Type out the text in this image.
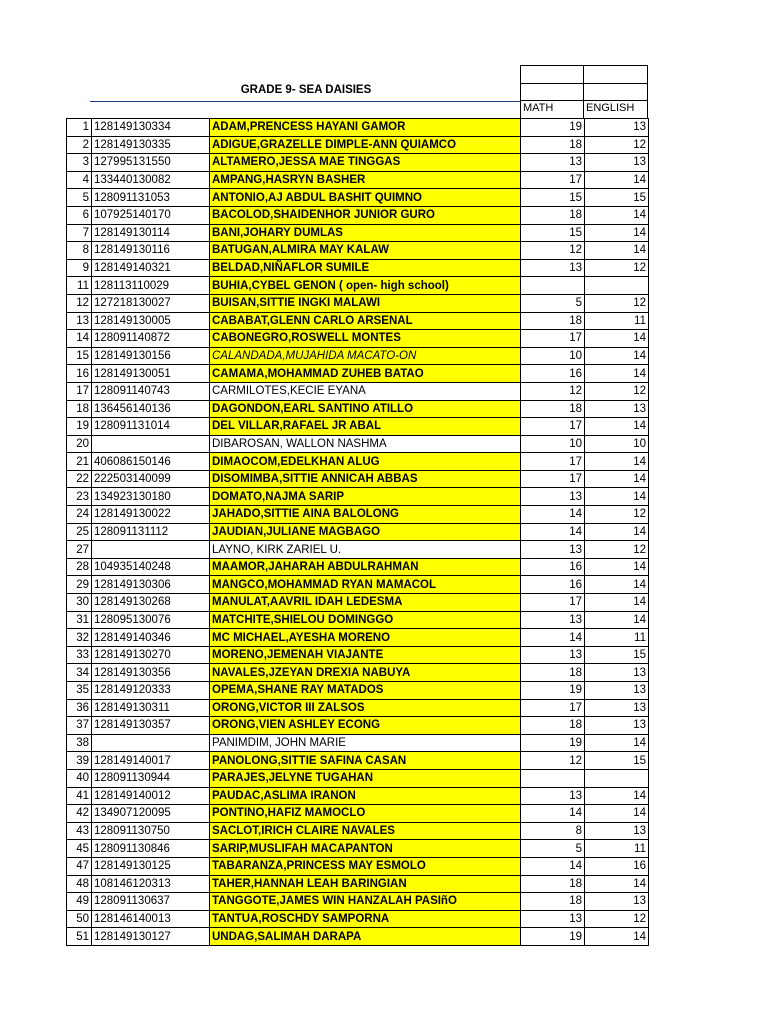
GRADE 9- SEA DAISIES
MATH	ENGLISH
1	128149130334	ADAM,PRENCESS HAYANI GAMOR	19	13
2	128149130335	ADIGUE,GRAZELLE DIMPLE-ANN QUIAMCO	18	12
3	127995131550	ALTAMERO,JESSA MAE TINGGAS	13	13
4	133440130082	AMPANG,HASRYN BASHER	17	14
5	128091131053	ANTONIO,AJ ABDUL BASHIT QUIMNO	15	15
6	107925140170	BACOLOD,SHAIDENHOR JUNIOR GURO	18	14
7	128149130114	BANI,JOHARY DUMLAS	15	14
8	128149130116	BATUGAN,ALMIRA MAY KALAW	12	14
9	128149140321	BELDAD,NIÑAFLOR SUMILE	13	12
11	128113110029	BUHIA,CYBEL GENON ( open- high school)		
12	127218130027	BUISAN,SITTIE INGKI MALAWI	5	12
13	128149130005	CABABAT,GLENN CARLO ARSENAL	18	11
14	128091140872	CABONEGRO,ROSWELL MONTES	17	14
15	128149130156	CALANDADA,MUJAHIDA MACATO-ON	10	14
16	128149130051	CAMAMA,MOHAMMAD ZUHEB BATAO	16	14
17	128091140743	CARMILOTES,KECIE EYANA	12	12
18	136456140136	DAGONDON,EARL SANTINO ATILLO	18	13
19	128091131014	DEL VILLAR,RAFAEL JR ABAL	17	14
20		DIBAROSAN, WALLON NASHMA	10	10
21	406086150146	DIMAOCOM,EDELKHAN ALUG	17	14
22	222503140099	DISOMIMBA,SITTIE ANNICAH ABBAS	17	14
23	134923130180	DOMATO,NAJMA SARIP	13	14
24	128149130022	JAHADO,SITTIE AINA BALOLONG	14	12
25	128091131112	JAUDIAN,JULIANE MAGBAGO	14	14
27		LAYNO, KIRK ZARIEL U.	13	12
28	104935140248	MAAMOR,JAHARAH ABDULRAHMAN	16	14
29	128149130306	MANGCO,MOHAMMAD RYAN MAMACOL	16	14
30	128149130268	MANULAT,AAVRIL IDAH LEDESMA	17	14
31	128095130076	MATCHITE,SHIELOU DOMINGGO	13	14
32	128149140346	MC MICHAEL,AYESHA MORENO	14	11
33	128149130270	MORENO,JEMENAH VIAJANTE	13	15
34	128149130356	NAVALES,JZEYAN DREXIA NABUYA	18	13
35	128149120333	OPEMA,SHANE RAY MATADOS	19	13
36	128149130311	ORONG,VICTOR III ZALSOS	17	13
37	128149130357	ORONG,VIEN ASHLEY ECONG	18	13
38		PANIMDIM, JOHN MARIE	19	14
39	128149140017	PANOLONG,SITTIE SAFINA CASAN	12	15
40	128091130944	PARAJES,JELYNE TUGAHAN		
41	128149140012	PAUDAC,ASLIMA IRANON	13	14
42	134907120095	PONTINO,HAFIZ MAMOCLO	14	14
43	128091130750	SACLOT,IRICH CLAIRE NAVALES	8	13
45	128091130846	SARIP,MUSLIFAH MACAPANTON	5	11
47	128149130125	TABARANZA,PRINCESS MAY ESMOLO	14	16
48	108146120313	TAHER,HANNAH LEAH BARINGIAN	18	14
49	128091130637	TANGGOTE,JAMES WIN HANZALAH PASIñO	18	13
50	128146140013	TANTUA,ROSCHDY SAMPORNA	13	12
51	128149130127	UNDAG,SALIMAH DARAPA	19	14
